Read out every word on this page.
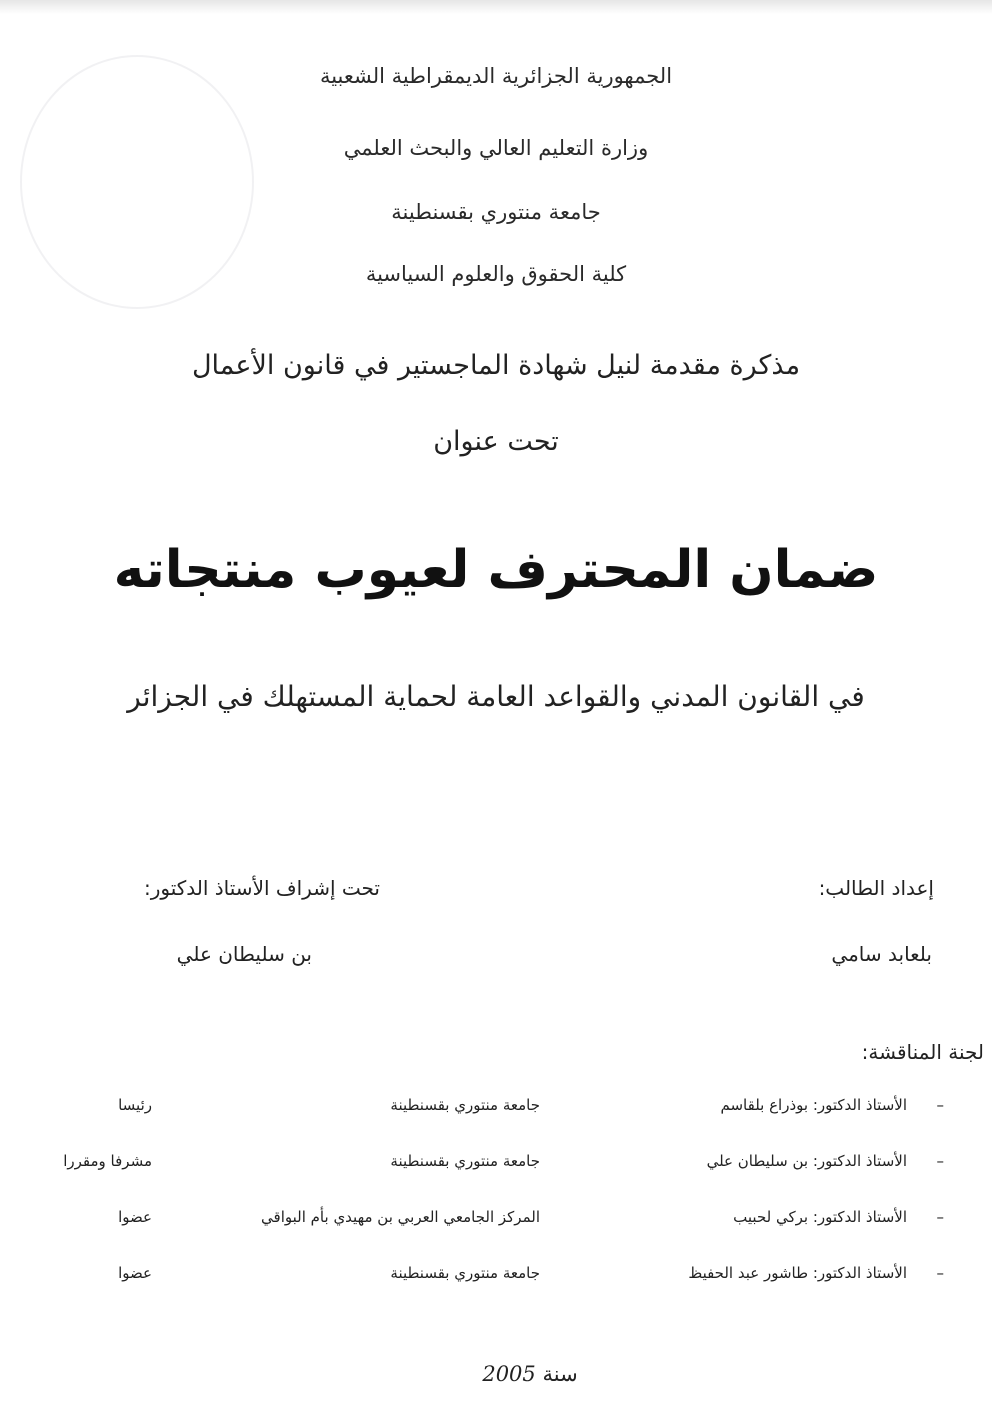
الجمهورية الجزائرية الديمقراطية الشعبية
وزارة التعليم العالي والبحث العلمي
جامعة منتوري بقسنطينة
كلية الحقوق والعلوم السياسية
مذكرة مقدمة لنيل شهادة الماجستير في قانون الأعمال
تحت عنوان
ضمان المحترف لعيوب منتجاته
في القانون المدني والقواعد العامة لحماية المستهلك في الجزائر
إعداد الطالب:
بلعابد سامي
تحت إشراف الأستاذ الدكتور:
بن سليطان علي
لجنة المناقشة:
–
الأستاذ الدكتور: بوذراع بلقاسم
جامعة منتوري بقسنطينة
رئيسا
–
الأستاذ الدكتور: بن سليطان علي
جامعة منتوري بقسنطينة
مشرفا ومقررا
–
الأستاذ الدكتور: بركي لحبيب
المركز الجامعي العربي بن مهيدي بأم البواقي
عضوا
–
الأستاذ الدكتور: طاشور عبد الحفيظ
جامعة منتوري بقسنطينة
عضوا
سنة 2005
